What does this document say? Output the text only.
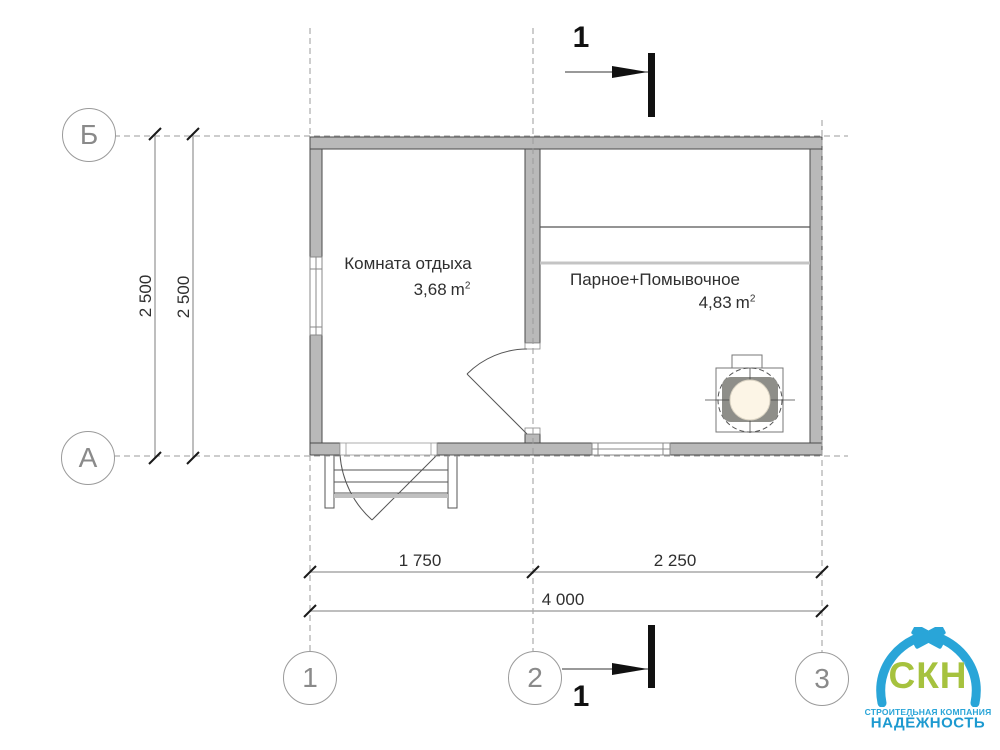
Б
А
1	2	3
2 500 2 500
1 750	2 250
4 000
1
1
Комната отдыха
3,68 $m^2$	Парное+Помывочное
4,83 $m^2$
СКН
СТРОИТЕЛЬНАЯ КОМПАНИЯ
НАДЁЖНОСТЬ
